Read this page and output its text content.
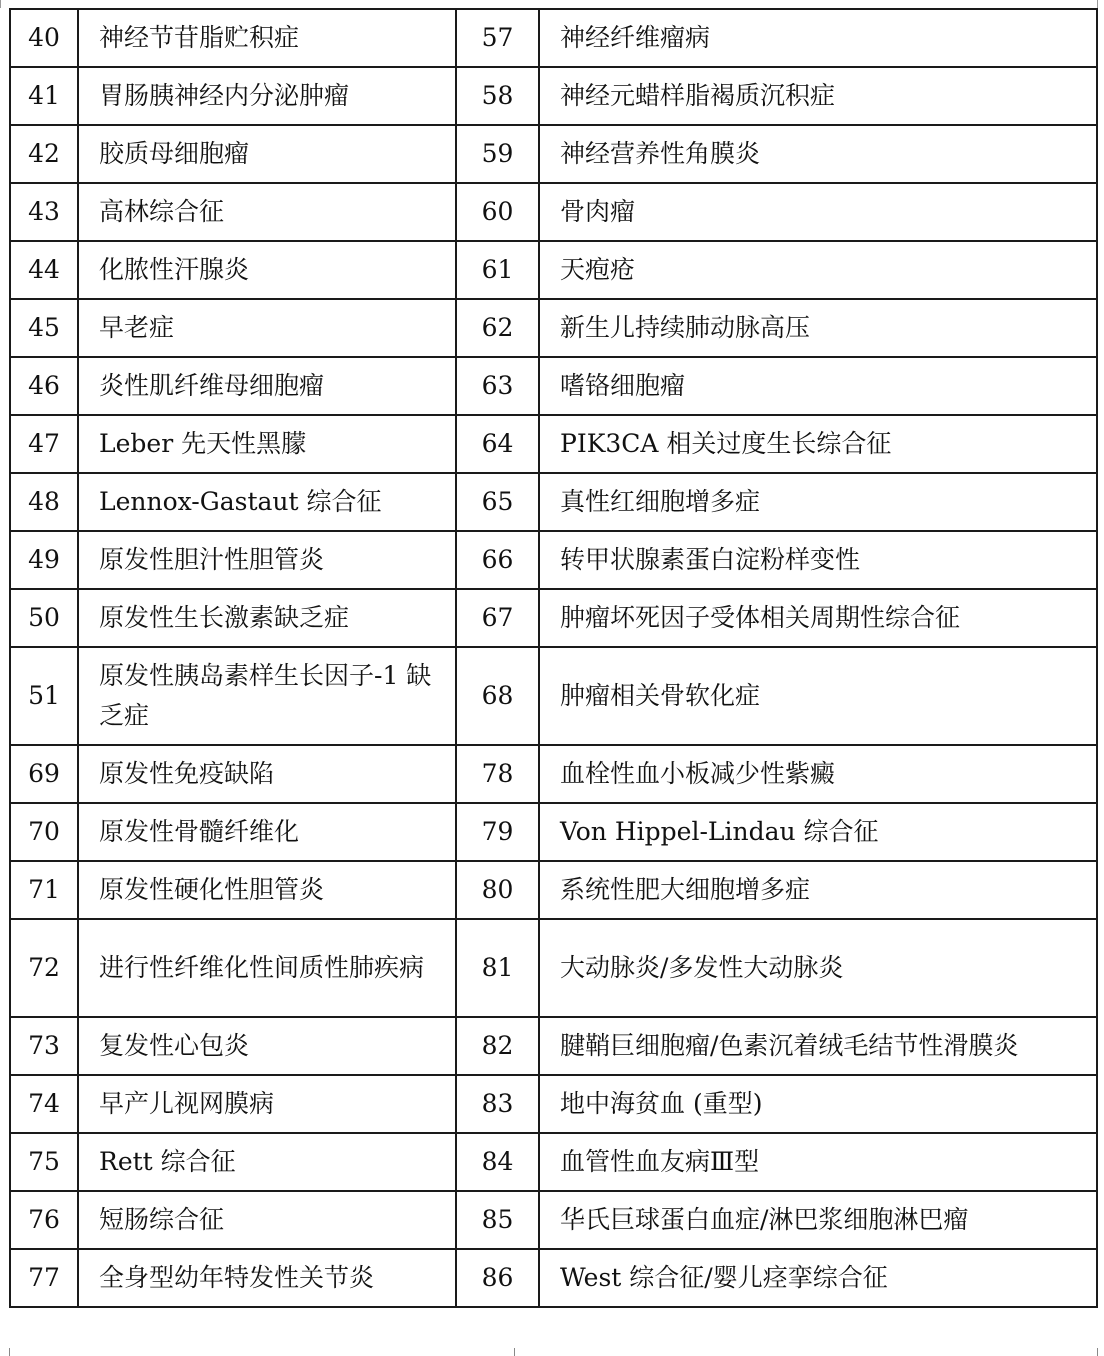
40	神经节苷脂贮积症	57	神经纤维瘤病
41	胃肠胰神经内分泌肿瘤	58	神经元蜡样脂褐质沉积症
42	胶质母细胞瘤	59	神经营养性角膜炎
43	高林综合征	60	骨肉瘤
44	化脓性汗腺炎	61	天疱疮
45	早老症	62	新生儿持续肺动脉高压
46	炎性肌纤维母细胞瘤	63	嗜铬细胞瘤
47	Leber 先天性黑朦	64	PIK3CA 相关过度生长综合征
48	Lennox-Gastaut 综合征	65	真性红细胞增多症
49	原发性胆汁性胆管炎	66	转甲状腺素蛋白淀粉样变性
50	原发性生长激素缺乏症	67	肿瘤坏死因子受体相关周期性综合征
51	原发性胰岛素样生长因子-1 缺乏症	68	肿瘤相关骨软化症
69	原发性免疫缺陷	78	血栓性血小板减少性紫癜
70	原发性骨髓纤维化	79	Von Hippel-Lindau 综合征
71	原发性硬化性胆管炎	80	系统性肥大细胞增多症
72	进行性纤维化性间质性肺疾病	81	大动脉炎/多发性大动脉炎
73	复发性心包炎	82	腱鞘巨细胞瘤/色素沉着绒毛结节性滑膜炎
74	早产儿视网膜病	83	地中海贫血 (重型)
75	Rett 综合征	84	血管性血友病Ⅲ型
76	短肠综合征	85	华氏巨球蛋白血症/淋巴浆细胞淋巴瘤
77	全身型幼年特发性关节炎	86	West 综合征/婴儿痉挛综合征
